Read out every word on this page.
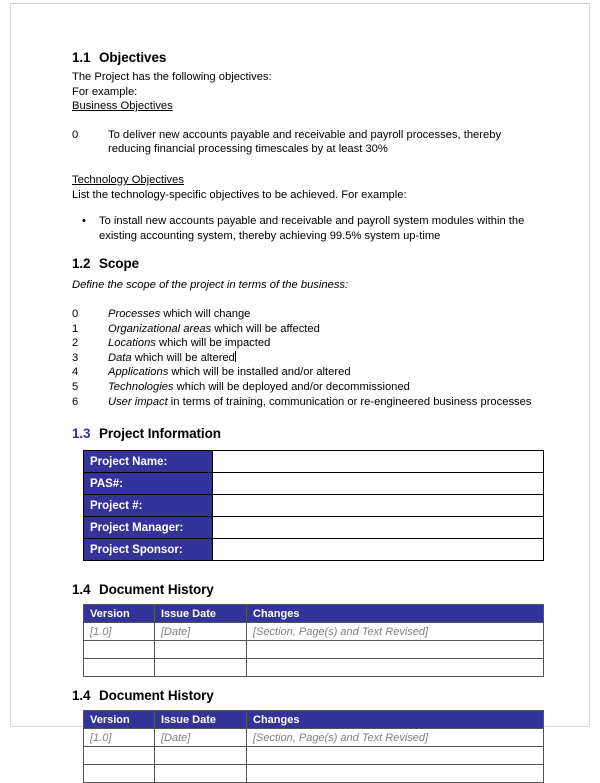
1.1 Objectives

The Project has the following objectives:

For example:

Business Objectives

0	To deliver new accounts payable and receivable and payroll processes, thereby reducing financial processing timescales by at least 30%

Technology Objectives

List the technology-specific objectives to be achieved. For example:

• To install new accounts payable and receivable and payroll system modules within the existing accounting system, thereby achieving 99.5% system up-time
1.2 Scope

Define the scope of the project in terms of the business:

0	Processes which will change
1	Organizational areas which will be affected
2	Locations which will be impacted
3	Data which will be altered
4	Applications which will be installed and/or altered
5	Technologies which will be deployed and/or decommissioned
6	User impact in terms of training, communication or re-engineered business processes
1.3 Project Information
Project Name:	
PAS#:	
Project #:	
Project Manager:	
Project Sponsor:	
1.4 Document History
Version	Issue Date	Changes
[1.0]	[Date]	[Section, Page(s) and Text Revised]

1.4 Document History
Version	Issue Date	Changes
[1.0]	[Date]	[Section, Page(s) and Text Revised]
